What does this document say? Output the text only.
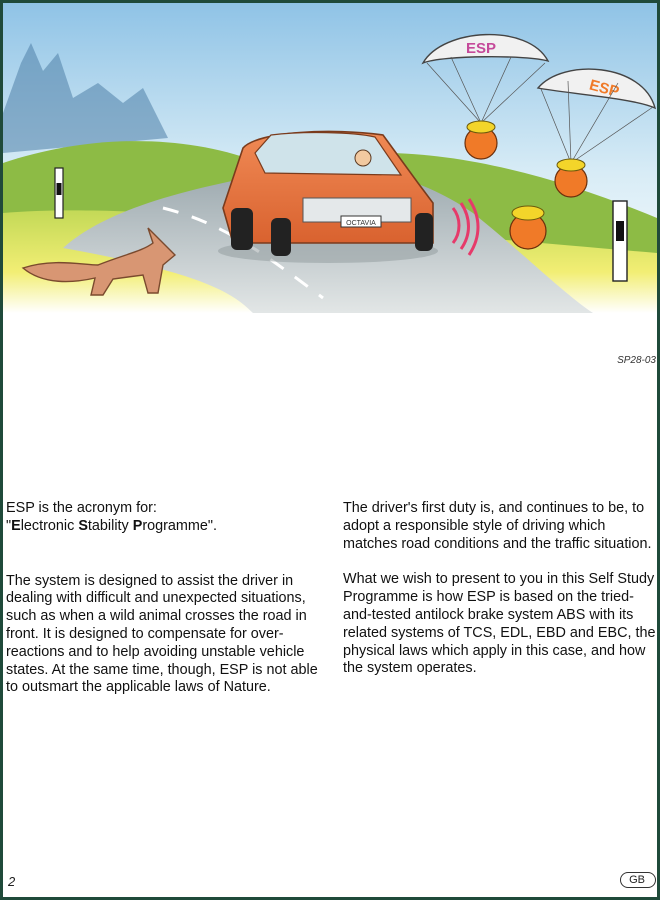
OCTAVIA
ESP
ESP
SP28-03

ESP is the acronym for:

"Electronic Stability Programme".

The system is designed to assist the driver in dealing with difficult and unexpected situations, such as when a wild animal crosses the road in front. It is designed to compensate for over-reactions and to help avoiding unstable vehicle states. At the same time, though, ESP is not able to outsmart the applicable laws of Nature.

The driver's first duty is, and continues to be, to adopt a responsible style of driving which matches road conditions and the traffic situation.

What we wish to present to you in this Self Study Programme is how ESP is based on the tried-and-tested antilock brake system ABS with its related systems of TCS, EDL, EBD and EBC, the physical laws which apply in this case, and how the system operates.

2	GB
